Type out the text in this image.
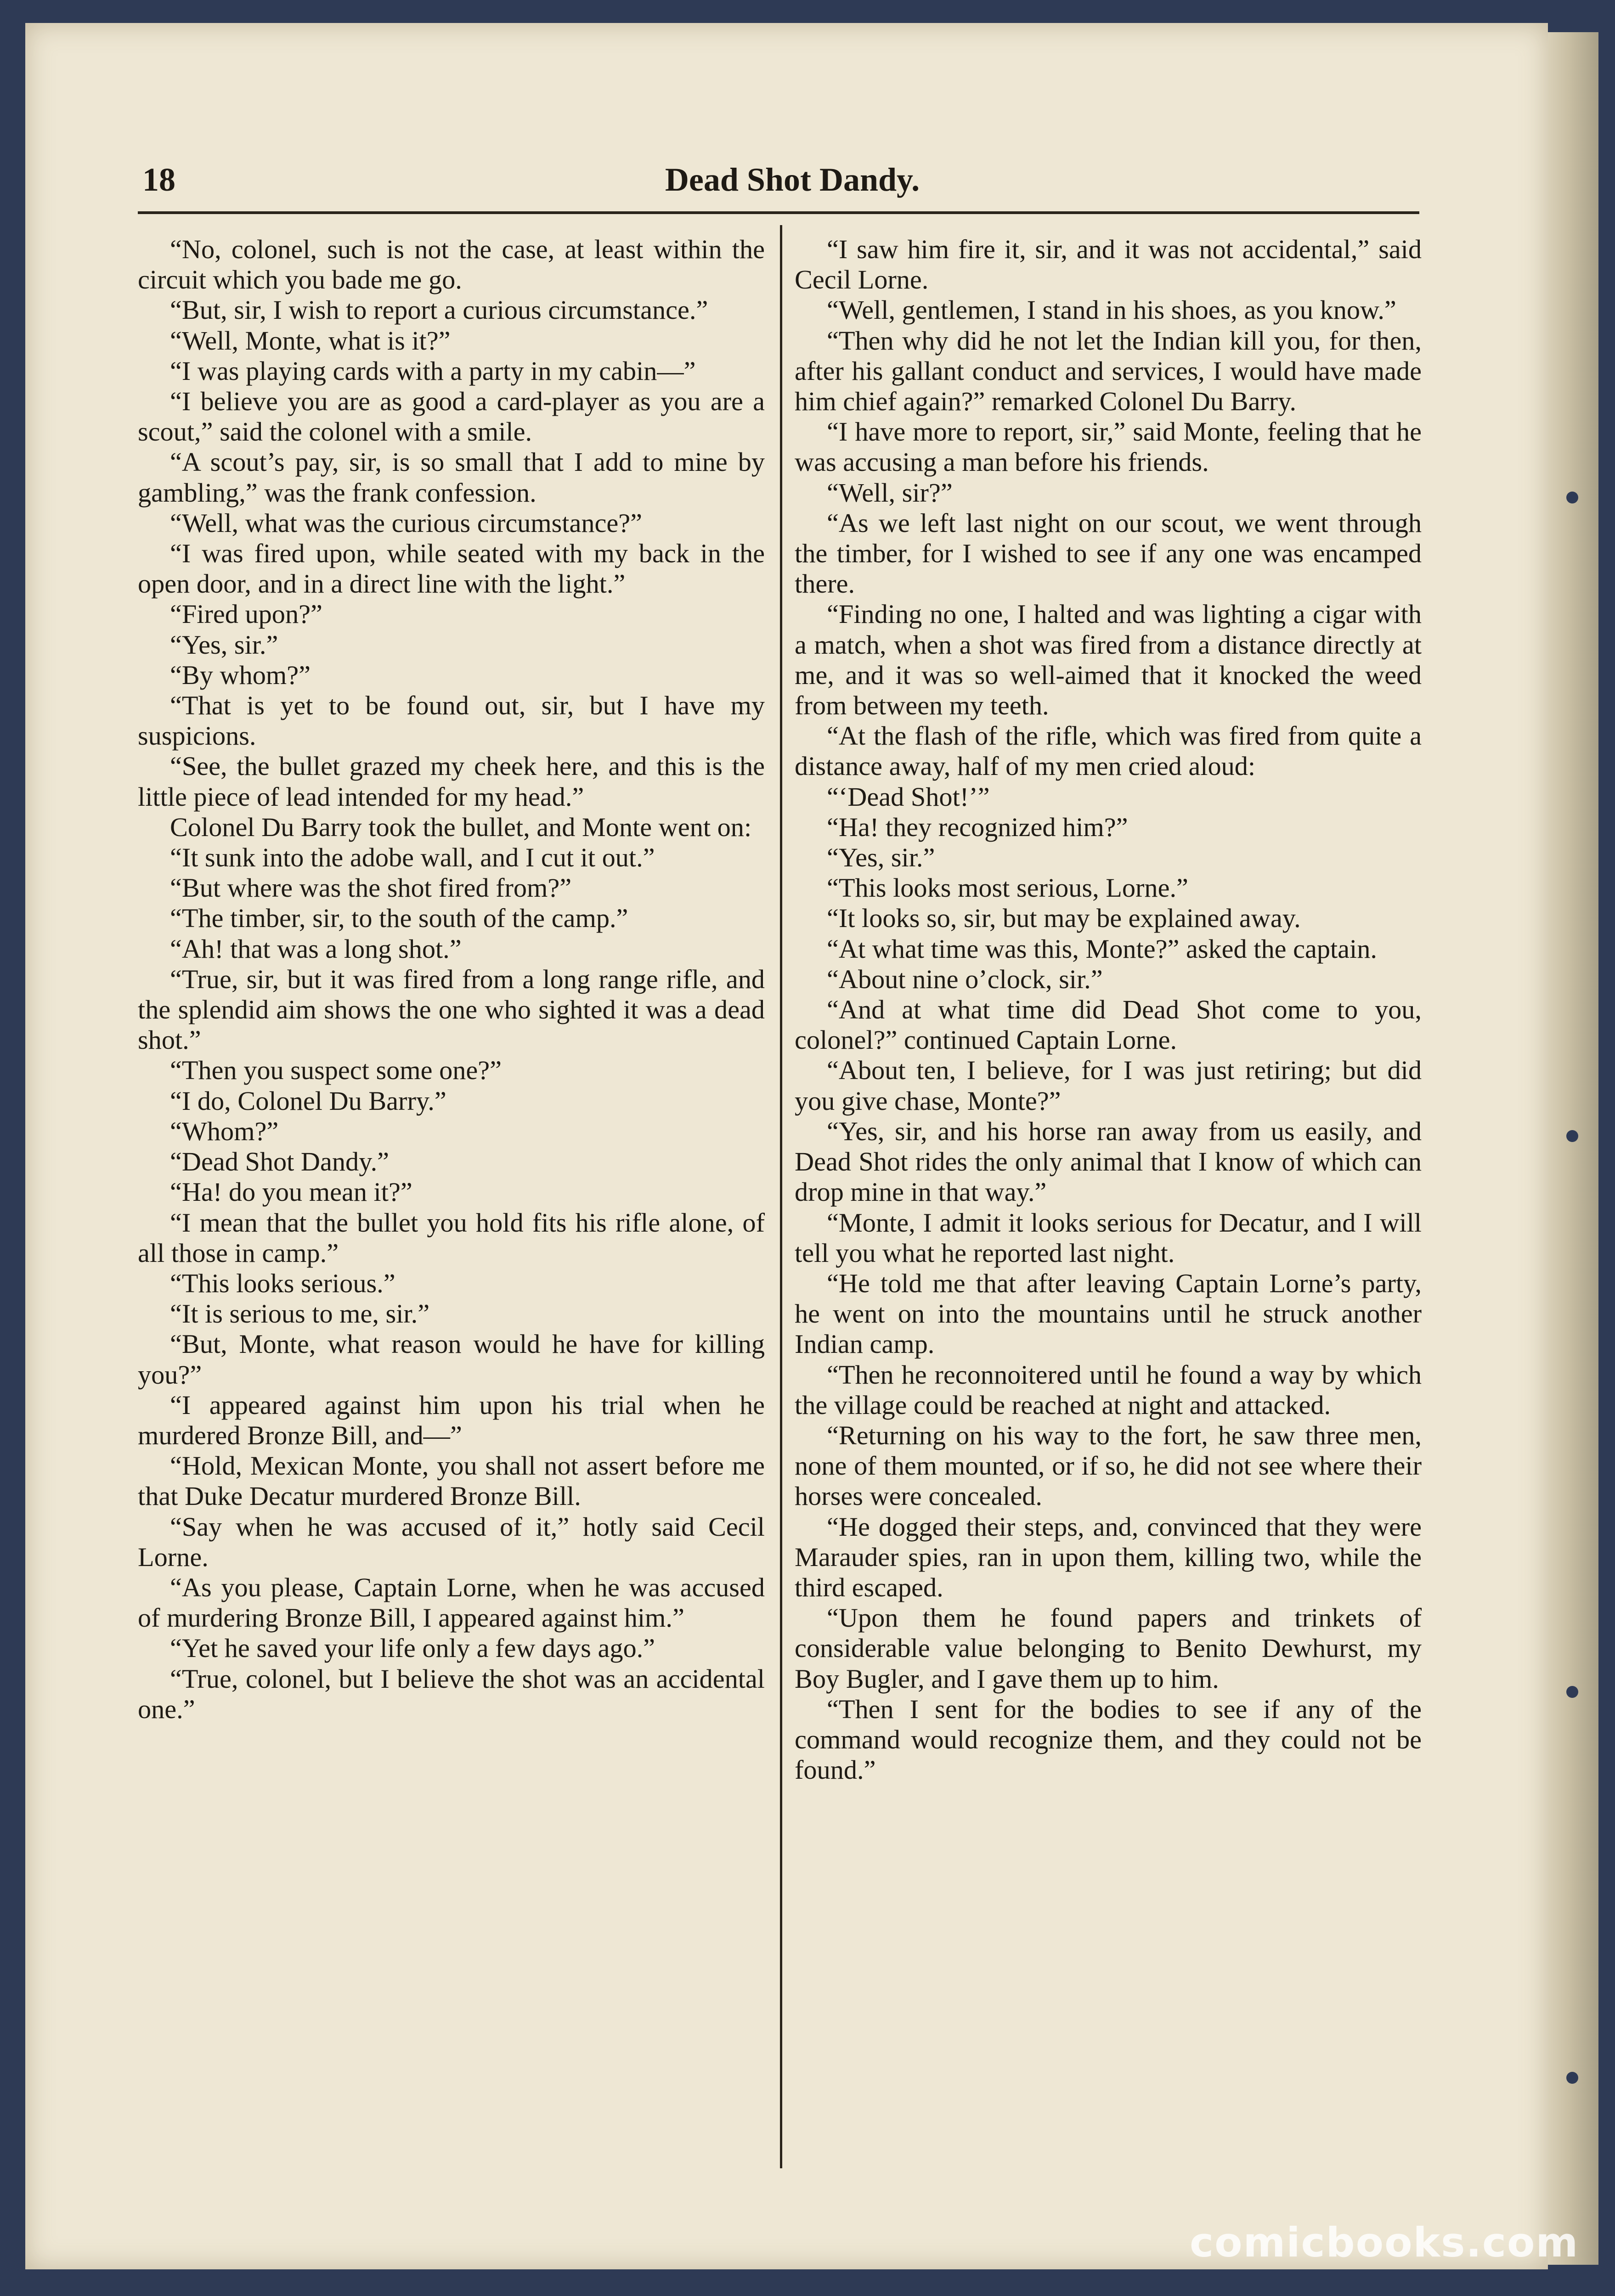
18	Dead Shot Dandy.

“No, colonel, such is not the case, at least within the circuit which you bade me go.

“But, sir, I wish to report a curious circumstance.”

“Well, Monte, what is it?”

“I was playing cards with a party in my cabin—”

“I believe you are as good a card-player as you are a scout,” said the colonel with a smile.

“A scout’s pay, sir, is so small that I add to mine by gambling,” was the frank confession.

“Well, what was the curious circumstance?”

“I was fired upon, while seated with my back in the open door, and in a direct line with the light.”

“Fired upon?”

“Yes, sir.”

“By whom?”

“That is yet to be found out, sir, but I have my suspicions.

“See, the bullet grazed my cheek here, and this is the little piece of lead intended for my head.”

Colonel Du Barry took the bullet, and Monte went on:

“It sunk into the adobe wall, and I cut it out.”

“But where was the shot fired from?”

“The timber, sir, to the south of the camp.”

“Ah! that was a long shot.”

“True, sir, but it was fired from a long range rifle, and the splendid aim shows the one who sighted it was a dead shot.”

“Then you suspect some one?”

“I do, Colonel Du Barry.”

“Whom?”

“Dead Shot Dandy.”

“Ha! do you mean it?”

“I mean that the bullet you hold fits his rifle alone, of all those in camp.”

“This looks serious.”

“It is serious to me, sir.”

“But, Monte, what reason would he have for killing you?”

“I appeared against him upon his trial when he murdered Bronze Bill, and—”

“Hold, Mexican Monte, you shall not assert before me that Duke Decatur murdered Bronze Bill.

“Say when he was accused of it,” hotly said Cecil Lorne.

“As you please, Captain Lorne, when he was accused of murdering Bronze Bill, I appeared against him.”

“Yet he saved your life only a few days ago.”

“True, colonel, but I believe the shot was an accidental one.”

“I saw him fire it, sir, and it was not accidental,” said Cecil Lorne.

“Well, gentlemen, I stand in his shoes, as you know.”

“Then why did he not let the Indian kill you, for then, after his gallant conduct and services, I would have made him chief again?” remarked Colonel Du Barry.

“I have more to report, sir,” said Monte, feeling that he was accusing a man before his friends.

“Well, sir?”

“As we left last night on our scout, we went through the timber, for I wished to see if any one was encamped there.

“Finding no one, I halted and was lighting a cigar with a match, when a shot was fired from a distance directly at me, and it was so well-aimed that it knocked the weed from between my teeth.

“At the flash of the rifle, which was fired from quite a distance away, half of my men cried aloud:

“‘Dead Shot!’”

“Ha! they recognized him?”

“Yes, sir.”

“This looks most serious, Lorne.”

“It looks so, sir, but may be explained away.

“At what time was this, Monte?” asked the captain.

“About nine o’clock, sir.”

“And at what time did Dead Shot come to you, colonel?” continued Captain Lorne.

“About ten, I believe, for I was just retiring; but did you give chase, Monte?”

“Yes, sir, and his horse ran away from us easily, and Dead Shot rides the only animal that I know of which can drop mine in that way.”

“Monte, I admit it looks serious for Decatur, and I will tell you what he reported last night.

“He told me that after leaving Captain Lorne’s party, he went on into the mountains until he struck another Indian camp.

“Then he reconnoitered until he found a way by which the village could be reached at night and attacked.

“Returning on his way to the fort, he saw three men, none of them mounted, or if so, he did not see where their horses were concealed.

“He dogged their steps, and, convinced that they were Marauder spies, ran in upon them, killing two, while the third escaped.

“Upon them he found papers and trinkets of considerable value belonging to Benito Dewhurst, my Boy Bugler, and I gave them up to him.

“Then I sent for the bodies to see if any of the command would recognize them, and they could not be found.”

comicbooks.com
